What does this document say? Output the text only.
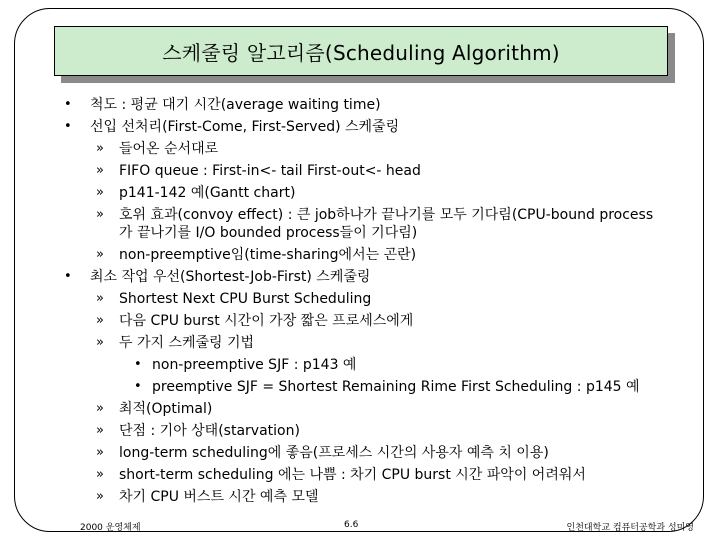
스케줄링 알고리즘(Scheduling Algorithm)
• 척도 : 평균 대기 시간(average waiting time)
• 선입 선처리(First-Come, First-Served) 스케줄링
» 들어온 순서대로
» FIFO queue : First-in<- tail First-out<- head
» p141-142 예(Gantt chart)
» 호위 효과(convoy effect) : 큰 job하나가 끝나기를 모두 기다림(CPU-bound process가 끝나기를 I/O bounded process들이 기다림)
» non-preemptive임(time-sharing에서는 곤란)
• 최소 작업 우선(Shortest-Job-First) 스케줄링
» Shortest Next CPU Burst Scheduling
» 다음 CPU burst 시간이 가장 짧은 프로세스에게
» 두 가지 스케줄링 기법
• non-preemptive SJF : p143 예
• preemptive SJF = Shortest Remaining Rime First Scheduling : p145 예
» 최적(Optimal)
» 단점 : 기아 상태(starvation)
» long-term scheduling에 좋음(프로세스 시간의 사용자 예측 치 이용)
» short-term scheduling 에는 나쁨 : 차기 CPU burst 시간 파악이 어려워서
» 차기 CPU 버스트 시간 예측 모델
2000 운영체제	6.6	인천대학교 컴퓨터공학과 성미영
